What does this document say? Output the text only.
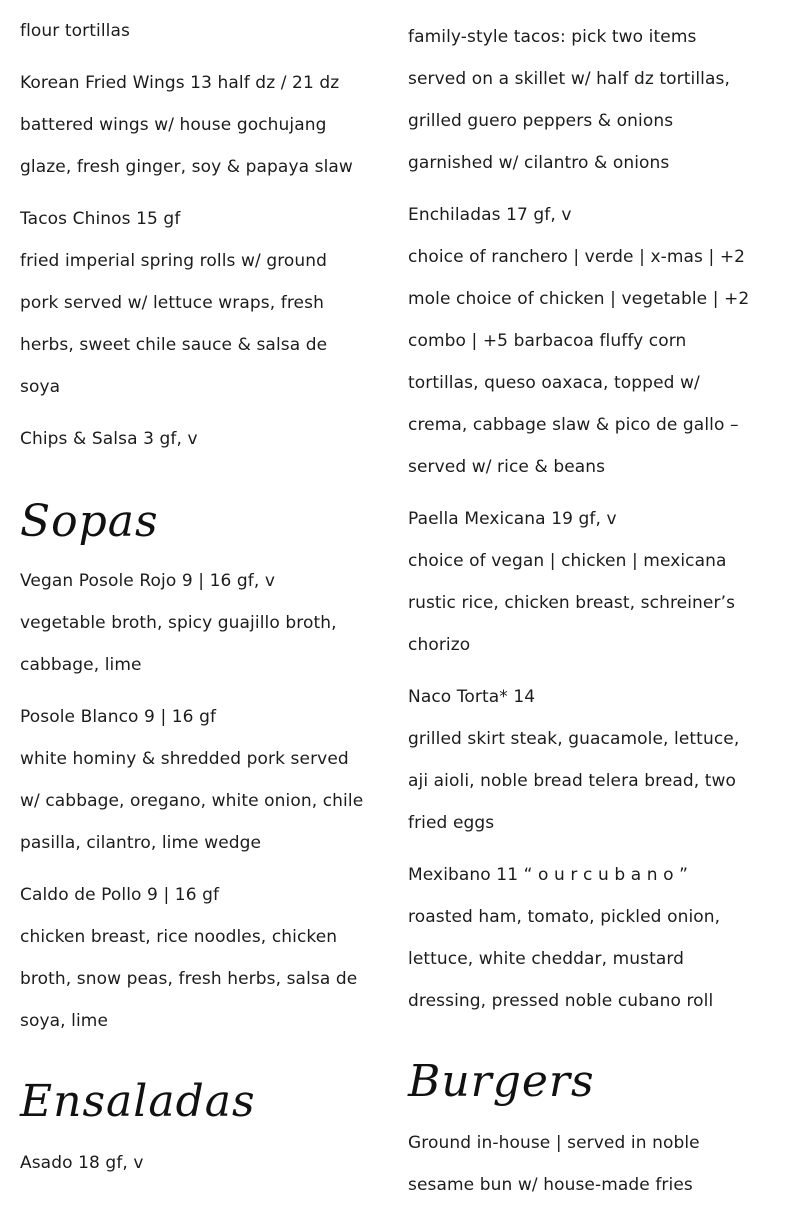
flour tortillas
Korean Fried Wings 13 half dz / 21 dz
battered wings w/ house gochujang
glaze, fresh ginger, soy & papaya slaw
Tacos Chinos 15 gf
fried imperial spring rolls w/ ground
pork served w/ lettuce wraps, fresh
herbs, sweet chile sauce & salsa de
soya
Chips & Salsa 3 gf, v
Sopas
Vegan Posole Rojo 9 | 16 gf, v
vegetable broth, spicy guajillo broth,
cabbage, lime
Posole Blanco 9 | 16 gf
white hominy & shredded pork served
w/ cabbage, oregano, white onion, chile
pasilla, cilantro, lime wedge
Caldo de Pollo 9 | 16 gf
chicken breast, rice noodles, chicken
broth, snow peas, fresh herbs, salsa de
soya, lime
Ensaladas
Asado 18 gf, v
family-style tacos: pick two items
served on a skillet w/ half dz tortillas,
grilled guero peppers & onions
garnished w/ cilantro & onions
Enchiladas 17 gf, v
choice of ranchero | verde | x-mas | +2
mole choice of chicken | vegetable | +2
combo | +5 barbacoa fluffy corn
tortillas, queso oaxaca, topped w/
crema, cabbage slaw & pico de gallo –
served w/ rice & beans
Paella Mexicana 19 gf, v
choice of vegan | chicken | mexicana
rustic rice, chicken breast, schreiner’s
chorizo
Naco Torta* 14
grilled skirt steak, guacamole, lettuce,
aji aioli, noble bread telera bread, two
fried eggs
Mexibano 11 “ o u r c u b a n o ”
roasted ham, tomato, pickled onion,
lettuce, white cheddar, mustard
dressing, pressed noble cubano roll
Burgers
Ground in-house | served in noble
sesame bun w/ house-made fries
